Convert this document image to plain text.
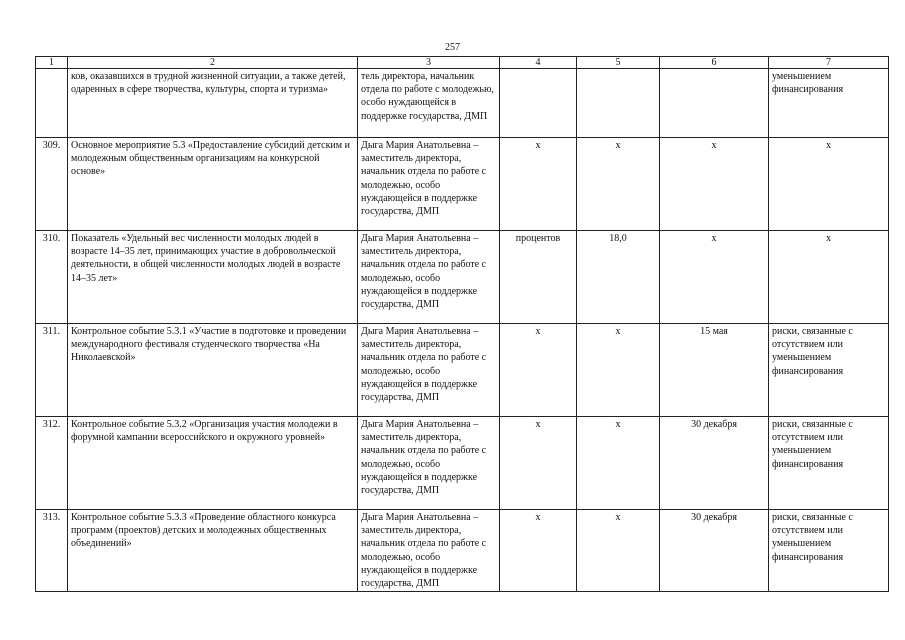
257
1	2	3	4	5	6	7
	ков, оказавшихся в трудной жизненной ситуации, а также детей, одаренных в сфере творчества, культуры, спорта и туризма»	тель директора, начальник отдела по работе с молодежью, особо нуждающейся в поддержке государства, ДМП				уменьшением финансирования
309.	Основное мероприятие 5.3 «Предоставление субсидий детским и молодежным общественным организациям на конкурсной основе»	Дыга Мария Анатольевна – заместитель директора, начальник отдела по работе с молодежью, особо нуждающейся в поддержке государства, ДМП	x	x	x	x
310.	Показатель «Удельный вес численности молодых людей в возрасте 14–35 лет, принимающих участие в добровольческой деятельности, в общей численности молодых людей в возрасте 14–35 лет»	Дыга Мария Анатольевна – заместитель директора, начальник отдела по работе с молодежью, особо нуждающейся в поддержке государства, ДМП	процентов	18,0	x	x
311.	Контрольное событие 5.3.1 «Участие в подготовке и проведении международного фестиваля студенческого творчества «На Николаевской»	Дыга Мария Анатольевна – заместитель директора, начальник отдела по работе с молодежью, особо нуждающейся в поддержке государства, ДМП	x	x	15 мая	риски, связанные с отсутствием или уменьшением финансирования
312.	Контрольное событие 5.3.2 «Организация участия молодежи в форумной кампании всероссийского и окружного уровней»	Дыга Мария Анатольевна – заместитель директора, начальник отдела по работе с молодежью, особо нуждающейся в поддержке государства, ДМП	x	x	30 декабря	риски, связанные с отсутствием или уменьшением финансирования
313.	Контрольное событие 5.3.3 «Проведение областного конкурса программ (проектов) детских и молодежных общественных объединений»	Дыга Мария Анатольевна – заместитель директора, начальник отдела по работе с молодежью, особо нуждающейся в поддержке государства, ДМП	x	x	30 декабря	риски, связанные с отсутствием или уменьшением финансирования
